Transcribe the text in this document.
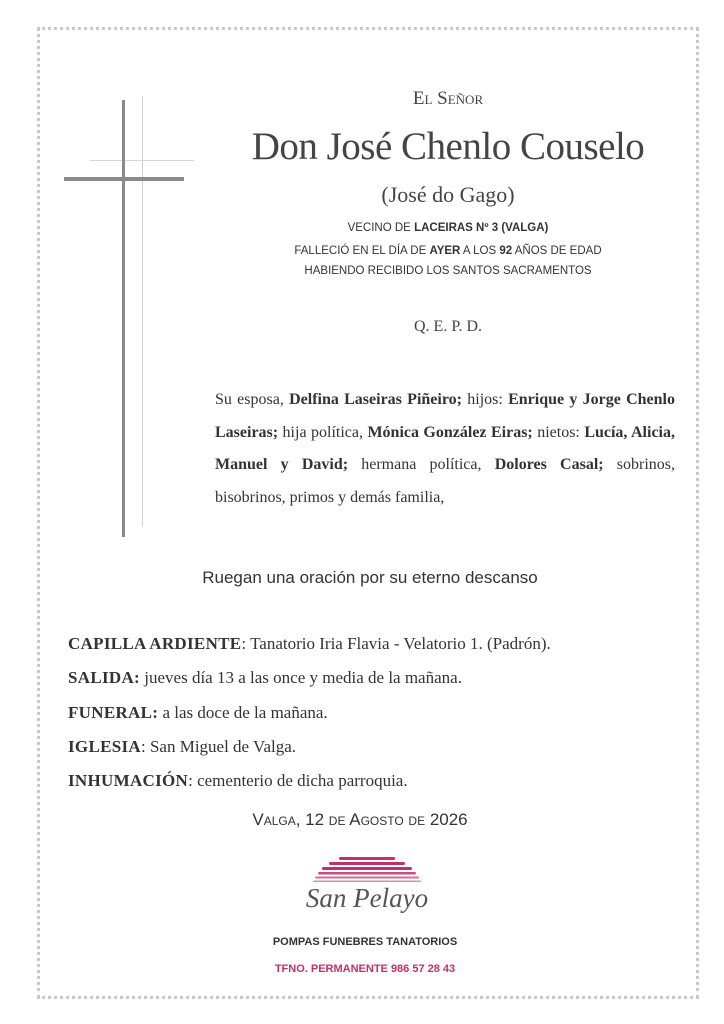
El Señor
Don José Chenlo Couselo
(José do Gago)
VECINO DE LACEIRAS Nº 3 (VALGA)
FALLECIÓ EN EL DÍA DE AYER A LOS 92 AÑOS DE EDAD
HABIENDO RECIBIDO LOS SANTOS SACRAMENTOS
Q. E. P. D.
Su esposa, Delfina Laseiras Piñeiro; hijos: Enrique y Jorge Chenlo Laseiras; hija política, Mónica González Eiras; nietos: Lucía, Alicia, Manuel y David; hermana política, Dolores Casal; sobrinos, bisobrinos, primos y demás familia,
Ruegan una oración por su eterno descanso
CAPILLA ARDIENTE: Tanatorio Iria Flavia - Velatorio 1. (Padrón).
SALIDA: jueves día 13 a las once y media de la mañana.
FUNERAL: a las doce de la mañana.
IGLESIA: San Miguel de Valga.
INHUMACIÓN: cementerio de dicha parroquia.
Valga, 12 de Agosto de 2026
San Pelayo
POMPAS FUNEBRES TANATORIOS
TFNO. PERMANENTE 986 57 28 43
